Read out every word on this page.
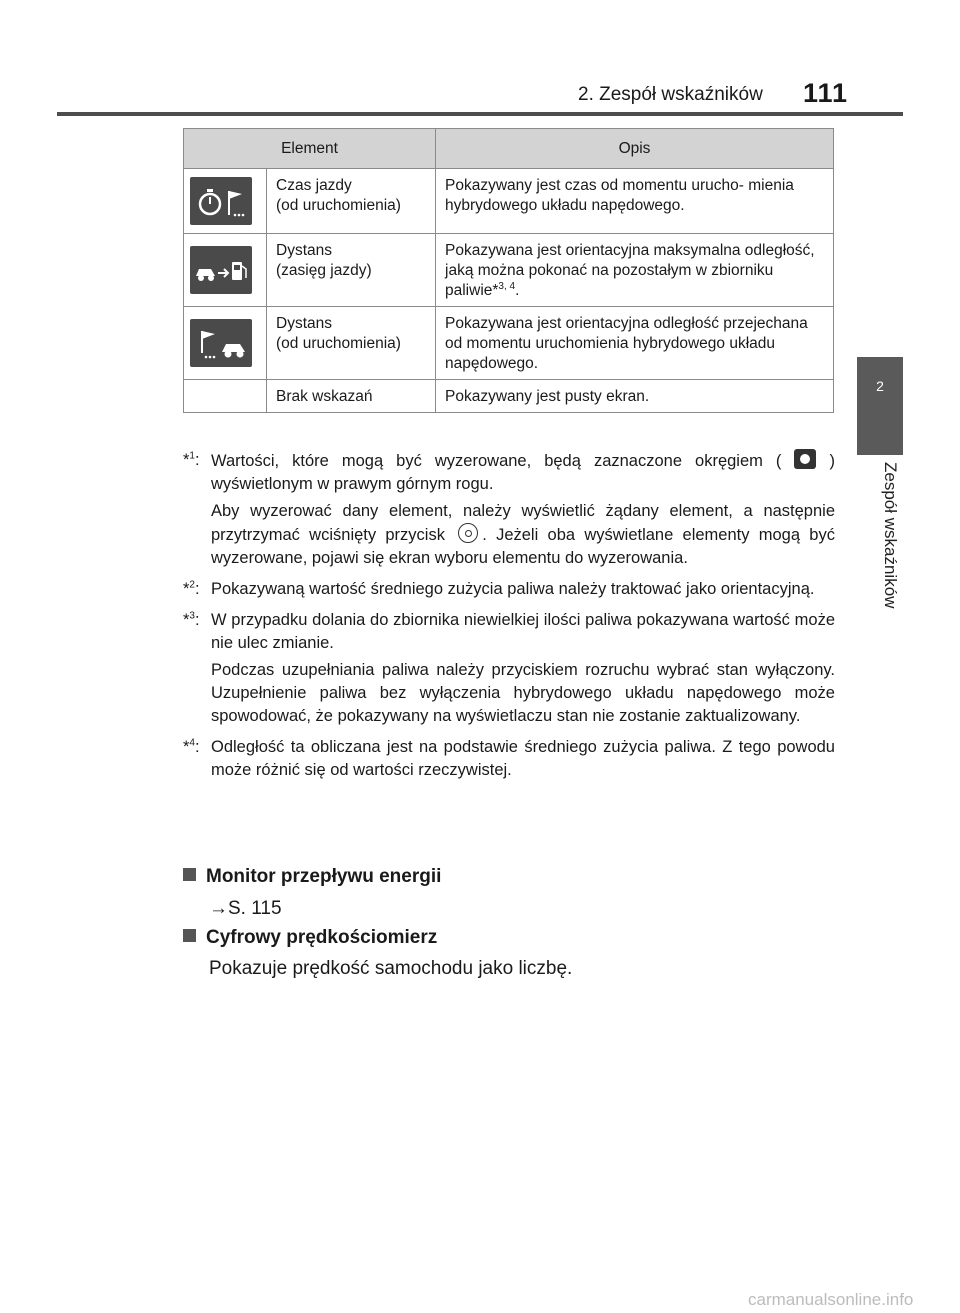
2. Zespół wskaźników 111
2
Zespół wskaźników
Element		Opis

Czas jazdy
(od uruchomienia)	Pokazywany jest czas od momentu urucho- mienia hybrydowego układu napędowego.

Dystans
(zasięg jazdy)	Pokazywana jest orientacyjna maksymalna odległość, jaką można pokonać na pozostałym w zbiorniku paliwie*$^{3, 4}$.

Dystans
(od uruchomienia)	Pokazywana jest orientacyjna odległość przejechana od momentu uruchomienia hybrydowego układu napędowego.
	Brak wskazań	Pokazywany jest pusty ekran.
*$^1$: Wartości, które mogą być wyzerowane, będą zaznaczone okręgiem (	) wyświetlonym w prawym górnym rogu.

Aby wyzerować dany element, należy wyświetlić żądany element, a następnie przytrzymać wciśnięty przycisk . Jeżeli oba wyświetlane elementy mogą być wyzerowane, pojawi się ekran wyboru elementu do wyzerowania.

*$^2$: Pokazywaną wartość średniego zużycia paliwa należy traktować jako orientacyjną.

*$^3$: W przypadku dolania do zbiornika niewielkiej ilości paliwa pokazywana wartość może nie ulec zmianie.

Podczas uzupełniania paliwa należy przyciskiem rozruchu wybrać stan wyłączony. Uzupełnienie paliwa bez wyłączenia hybrydowego układu napędowego może spowodować, że pokazywany na wyświetlaczu stan nie zostanie zaktualizowany.

*$^4$: Odległość ta obliczana jest na podstawie średniego zużycia paliwa. Z tego powodu może różnić się od wartości rzeczywistej.

Monitor przepływu energii
→S. 115
Cyfrowy prędkościomierz
Pokazuje prędkość samochodu jako liczbę.
carmanualsonline.info
